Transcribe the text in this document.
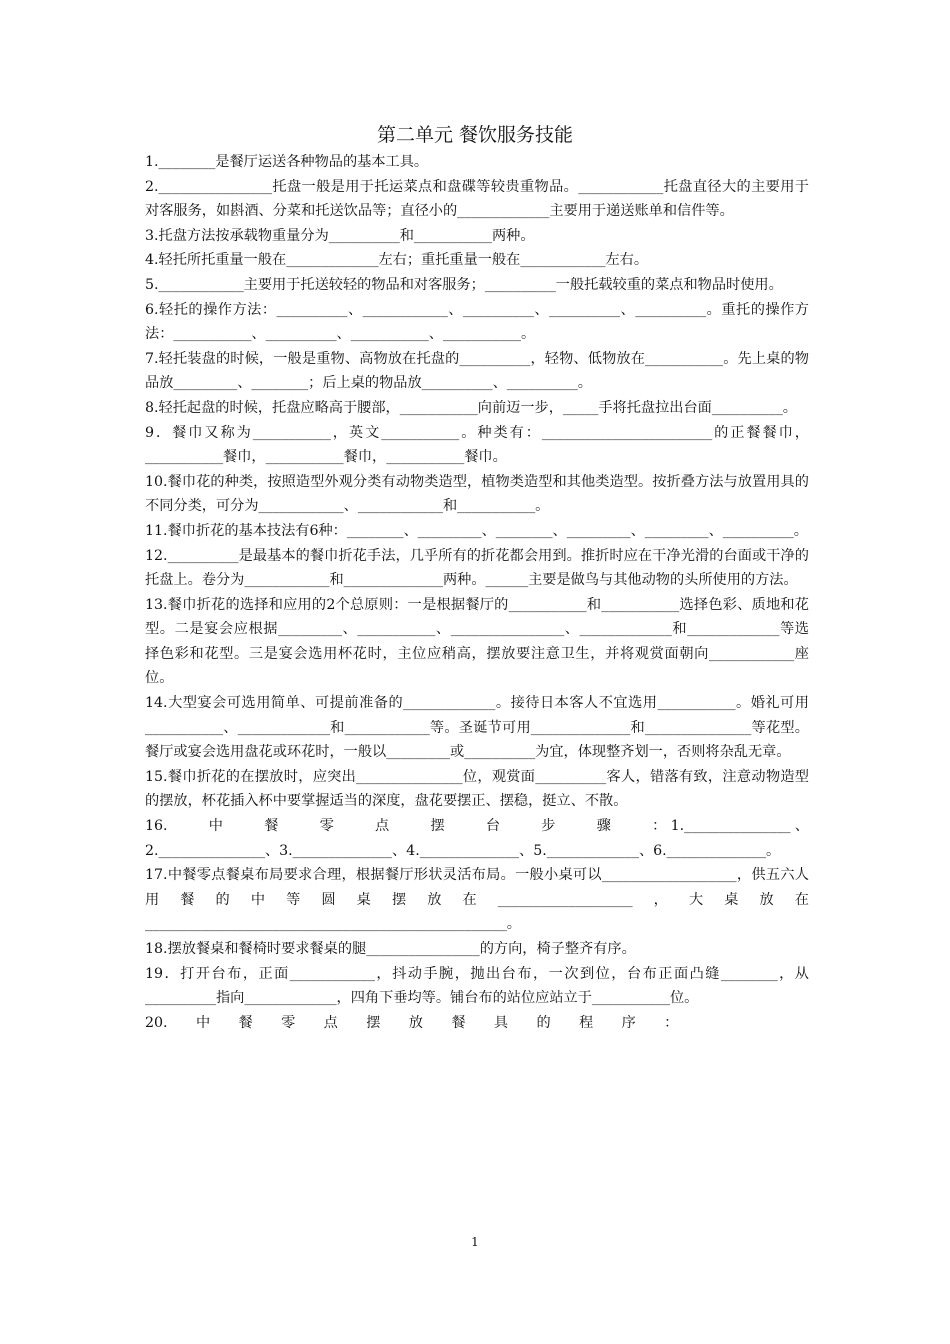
第二单元 餐饮服务技能
1.________是餐厅运送各种物品的基本工具。
2.________________托盘一般是用于托运菜点和盘碟等较贵重物品。____________托盘直径大的主要用于对客服务，如斟酒、分菜和托送饮品等；直径小的_____________主要用于递送账单和信件等。
3.托盘方法按承载物重量分为__________和___________两种。
4.轻托所托重量一般在_____________左右；重托重量一般在____________左右。
5.____________主要用于托送较轻的物品和对客服务；__________一般托载较重的菜点和物品时使用。
6.轻托的操作方法：__________、____________、__________、__________、__________。重托的操作方法：___________、__________、___________、___________。
7.轻托装盘的时候，一般是重物、高物放在托盘的__________，轻物、低物放在___________。先上桌的物品放_________、________；后上桌的物品放__________、__________。
8.轻托起盘的时候，托盘应略高于腰部，___________向前迈一步，_____手将托盘拉出台面__________。
9．餐巾又称为___________，英文___________。种类有：________________________的正餐餐巾，___________餐巾，___________餐巾，___________餐巾。
10.餐巾花的种类，按照造型外观分类有动物类造型，植物类造型和其他类造型。按折叠方法与放置用具的不同分类，可分为____________、____________和___________。
11.餐巾折花的基本技法有6种：________、_________、________、_________、_________、__________。
12.__________是最基本的餐巾折花手法，几乎所有的折花都会用到。推折时应在干净光滑的台面或干净的托盘上。卷分为____________和______________两种。______主要是做鸟与其他动物的头所使用的方法。
13.餐巾折花的选择和应用的2个总原则：一是根据餐厅的___________和___________选择色彩、质地和花型。二是宴会应根据_________、___________、________________、_____________和_____________等选择色彩和花型。三是宴会选用杯花时，主位应稍高，摆放要注意卫生，并将观赏面朝向____________座位。
14.大型宴会可选用简单、可提前准备的_____________。接待日本客人不宜选用___________。婚礼可用___________、_____________和____________等。圣诞节可用______________和_______________等花型。餐厅或宴会选用盘花或环花时，一般以_________或__________为宜，体现整齐划一，否则将杂乱无章。
15.餐巾折花的在摆放时，应突出_______________位，观赏面__________客人，错落有致，注意动物造型的摆放，杯花插入杯中要掌握适当的深度，盘花要摆正、摆稳，挺立、不散。
16.　　中　　餐　　零　　点　　摆　　台　　步　　骤　　：1._______________、2._______________、3.______________、4.______________、5._____________、6.______________。
17.中餐零点餐桌布局要求合理，根据餐厅形状灵活布局。一般小桌可以___________________，供五六人用餐的中等圆桌摆放在___________________，大桌放在___________________________________________________。
18.摆放餐桌和餐椅时要求餐桌的腿________________的方向，椅子整齐有序。
19．打开台布，正面____________，抖动手腕，抛出台布，一次到位，台布正面凸缝________，从__________指向_____________，四角下垂均等。铺台布的站位应站立于___________位。
20.　　中　　餐　　零　　点　　摆　　放　　餐　　具　　的　　程　　序　　：
1
